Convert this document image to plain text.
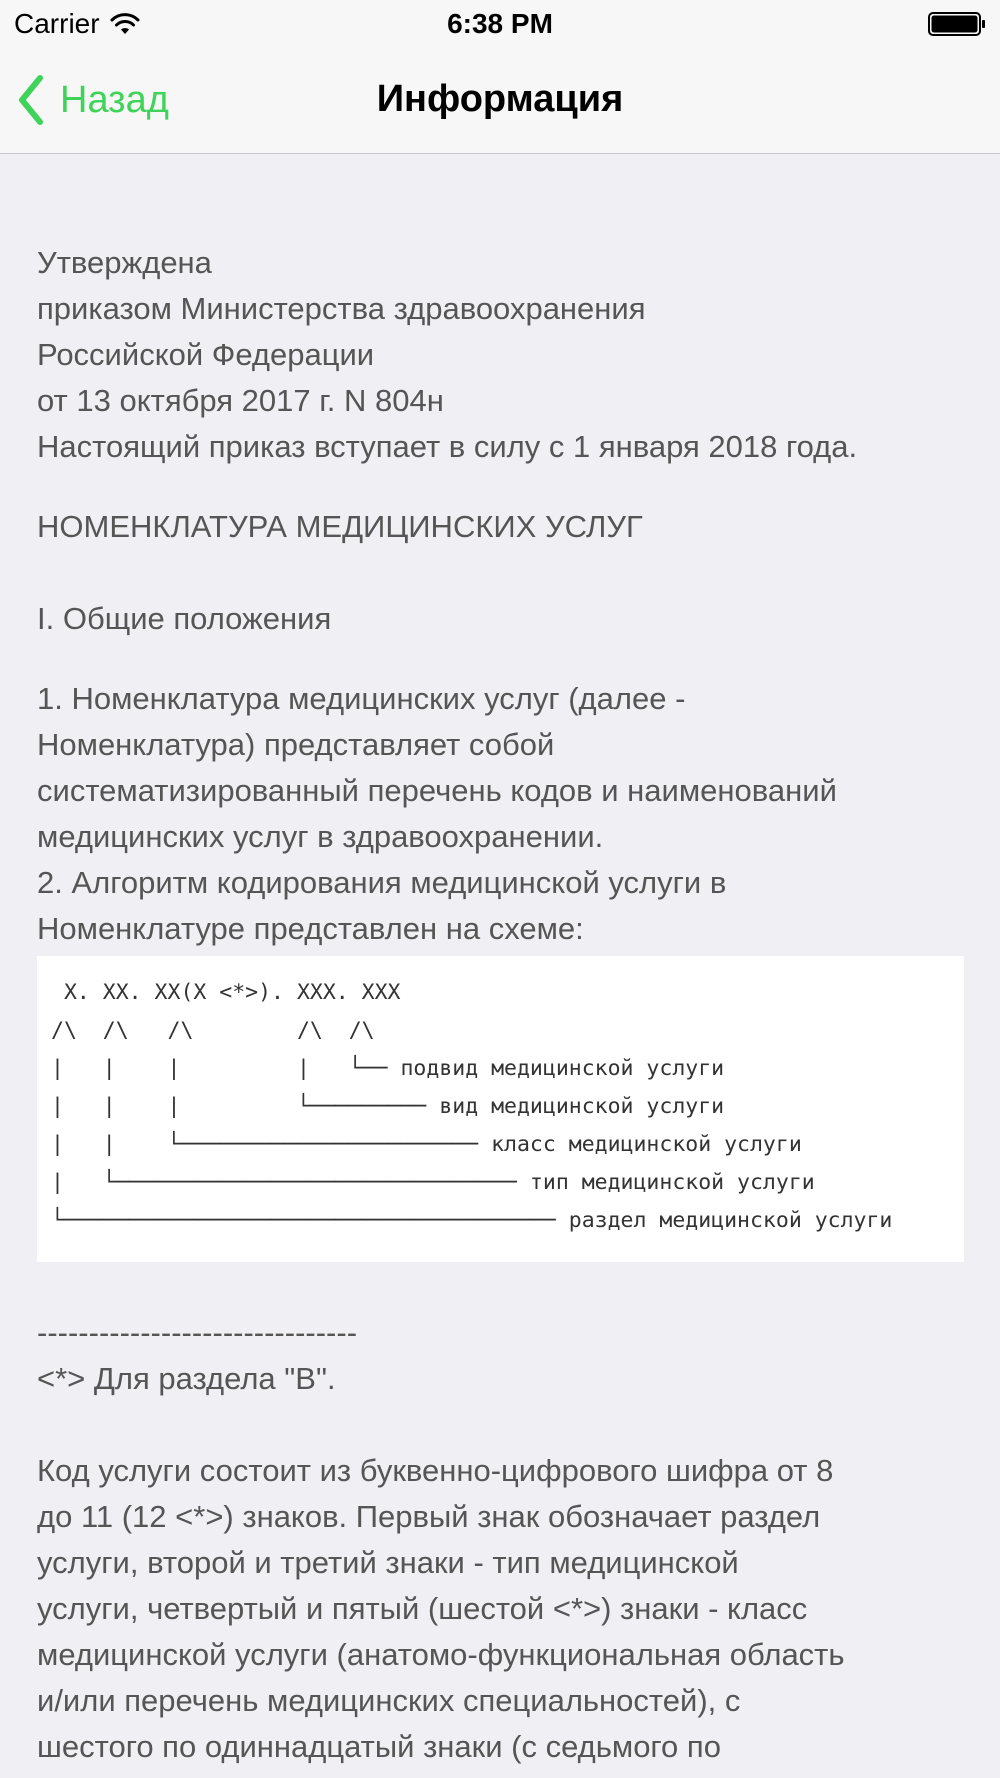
Carrier	6:38 PM
Назад	Информация

Утверждена
приказом Министерства здравоохранения
Российской Федерации
от 13 октября 2017 г. N 804н
Настоящий приказ вступает в силу с 1 января 2018 года.

НОМЕНКЛАТУРА МЕДИЦИНСКИХ УСЛУГ

I. Общие положения

1. Номенклатура медицинских услуг (далее -
Номенклатура) представляет собой
систематизированный перечень кодов и наименований
медицинских услуг в здравоохранении.
2. Алгоритм кодирования медицинской услуги в
Номенклатуре представлен на схеме:

X. XX. XX(X <*>). XXX. XXX
/\  /\   /\        /\  /\
|   |    |         |   └── подвид медицинской услуги
|   |    |         └───────── вид медицинской услуги
|   |    └─────────────────────── класс медицинской услуги
|   └─────────────────────────────── тип медицинской услуги
└────────────────────────────────────── раздел медицинской услуги

-------------------------------
<*> Для раздела "B".

Код услуги состоит из буквенно-цифрового шифра от 8
до 11 (12 <*>) знаков. Первый знак обозначает раздел
услуги, второй и третий знаки - тип медицинской
услуги, четвертый и пятый (шестой <*>) знаки - класс
медицинской услуги (анатомо-функциональная область
и/или перечень медицинских специальностей), с
шестого по одиннадцатый знаки (с седьмого по
